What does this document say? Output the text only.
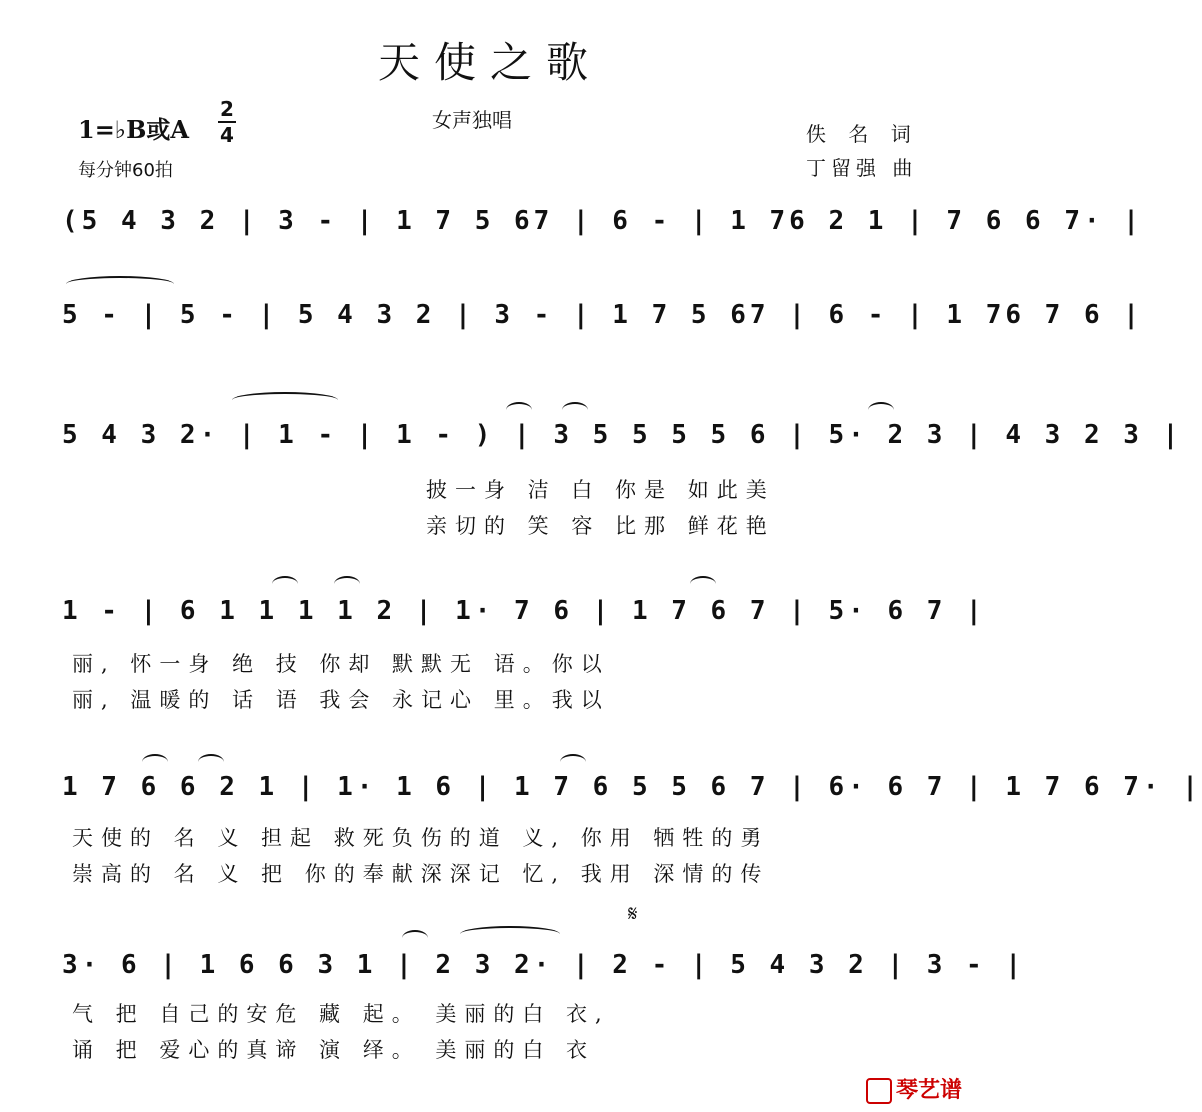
天使之歌
1=♭B或A
2
4
每分钟60拍
女声独唱
佚 名 词
丁留强 曲
(5 4 3 2 | 3 - | 1 7 5 67 | 6 - | 1 76 2 1 | 7 6 6 7· |
5 - | 5 - | 5 4 3 2 | 3 - | 1 7 5 67 | 6 - | 1 76 7 6 |
5 4 3 2· | 1 - | 1 - ) | 3 5 5 5 5 6 | 5· 2 3 | 4 3 2 3 |
披一身 洁 白 你是 如此美
亲切的 笑 容 比那 鲜花艳
1 - | 6 1 1 1 1 2 | 1· 7 6 | 1 7 6 7 | 5· 6 7 |
丽, 怀一身 绝 技 你却 默默无 语。你以
丽, 温暖的 话 语 我会 永记心 里。我以
1 7 6 6 2 1 | 1· 1 6 | 1 7 6 5 5 6 7 | 6· 6 7 | 1 7 6 7· |
天使的 名 义 担起 救死负伤的道 义, 你用 牺牲的勇
崇高的 名 义 把 你的奉献深深记 忆, 我用 深情的传
𝄋
3· 6 | 1 6 6 3 1 | 2 3 2· | 2 - | 5 4 3 2 | 3 - |
气 把 自己的安危 藏 起。 美丽的白 衣,
诵 把 爱心的真谛 演 绎。 美丽的白 衣
琴艺谱
